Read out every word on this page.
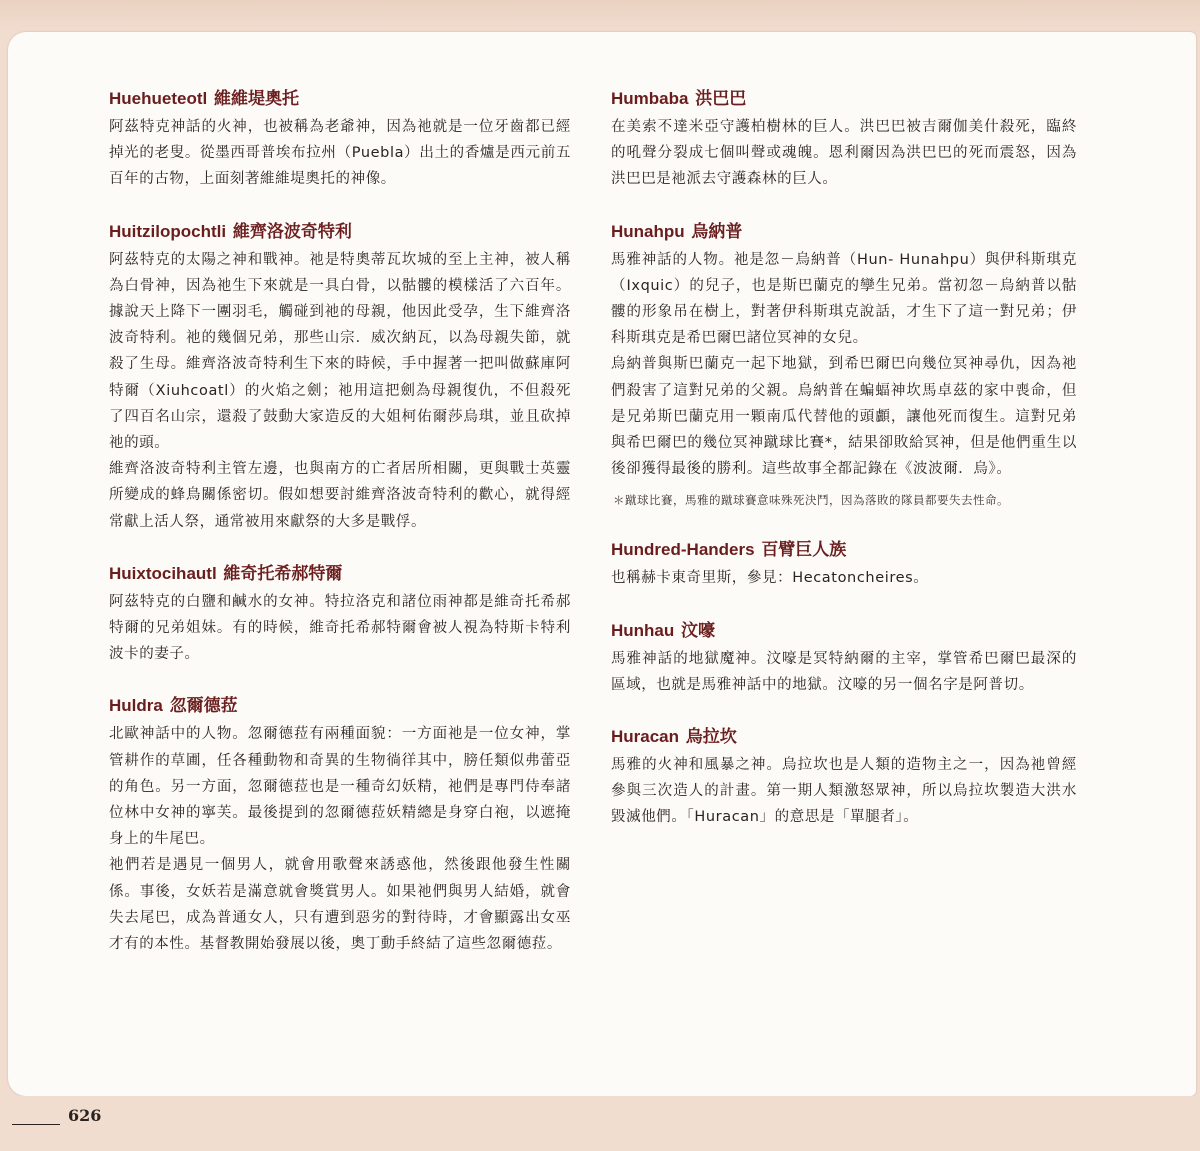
Huehueteotl 維維堤奧托

阿茲特克神話的火神，也被稱為老爺神，因為祂就是一位牙齒都已經掉光的老叟。從墨西哥普埃布拉州（Puebla）出土的香爐是西元前五百年的古物，上面刻著維維堤奧托的神像。

Huitzilopochtli 維齊洛波奇特利

阿茲特克的太陽之神和戰神。祂是特奧蒂瓦坎城的至上主神，被人稱為白骨神，因為祂生下來就是一具白骨，以骷髏的模樣活了六百年。據說天上降下一團羽毛，觸碰到祂的母親，他因此受孕，生下維齊洛波奇特利。祂的幾個兄弟，那些山宗．威次納瓦，以為母親失節，就殺了生母。維齊洛波奇特利生下來的時候，手中握著一把叫做蘇庫阿特爾（Xiuhcoatl）的火焰之劍；祂用這把劍為母親復仇，不但殺死了四百名山宗，還殺了鼓動大家造反的大姐柯佑爾莎烏琪，並且砍掉祂的頭。

維齊洛波奇特利主管左邊，也與南方的亡者居所相關，更與戰士英靈所變成的蜂鳥關係密切。假如想要討維齊洛波奇特利的歡心，就得經常獻上活人祭，通常被用來獻祭的大多是戰俘。

Huixtocihautl 維奇托希郝特爾

阿茲特克的白鹽和鹹水的女神。特拉洛克和諸位雨神都是維奇托希郝特爾的兄弟姐妹。有的時候，維奇托希郝特爾會被人視為特斯卡特利波卡的妻子。

Huldra 忽爾德菈

北歐神話中的人物。忽爾德菈有兩種面貌：一方面祂是一位女神，掌管耕作的草圃，任各種動物和奇異的生物徜徉其中，膀任類似弗蕾亞的角色。另一方面，忽爾德菈也是一種奇幻妖精，祂們是專門侍奉諸位林中女神的寧芙。最後提到的忽爾德菈妖精總是身穿白袍，以遮掩身上的牛尾巴。

祂們若是遇見一個男人，就會用歌聲來誘惑他，然後跟他發生性關係。事後，女妖若是滿意就會獎賞男人。如果祂們與男人結婚，就會失去尾巴，成為普通女人，只有遭到惡劣的對待時，才會顯露出女巫才有的本性。基督教開始發展以後，奧丁動手終結了這些忽爾德菈。

Humbaba 洪巴巴

在美索不達米亞守護柏樹林的巨人。洪巴巴被吉爾伽美什殺死，臨終的吼聲分裂成七個叫聲或魂魄。恩利爾因為洪巴巴的死而震怒，因為洪巴巴是祂派去守護森林的巨人。

Hunahpu 烏納普

馬雅神話的人物。祂是忽－烏納普（Hun- Hunahpu）與伊科斯琪克（Ixquic）的兒子，也是斯巴蘭克的孿生兄弟。當初忽－烏納普以骷髏的形象吊在樹上，對著伊科斯琪克說話，才生下了這一對兄弟；伊科斯琪克是希巴爾巴諸位冥神的女兒。

烏納普與斯巴蘭克一起下地獄，到希巴爾巴向幾位冥神尋仇，因為祂們殺害了這對兄弟的父親。烏納普在蝙蝠神坎馬卓茲的家中喪命，但是兄弟斯巴蘭克用一顆南瓜代替他的頭顱，讓他死而復生。這對兄弟與希巴爾巴的幾位冥神蹴球比賽*，結果卻敗給冥神，但是他們重生以後卻獲得最後的勝利。這些故事全都記錄在《波波爾．烏》。

＊蹴球比賽，馬雅的蹴球賽意味殊死決鬥，因為落敗的隊員都要失去性命。

Hundred-Handers 百臂巨人族

也稱赫卡東奇里斯，參見：Hecatoncheires。

Hunhau 汶嚎

馬雅神話的地獄魔神。汶嚎是冥特納爾的主宰，掌管希巴爾巴最深的區域，也就是馬雅神話中的地獄。汶嚎的另一個名字是阿普切。

Huracan 烏拉坎

馬雅的火神和風暴之神。烏拉坎也是人類的造物主之一，因為祂曾經參與三次造人的計畫。第一期人類激怒眾神，所以烏拉坎製造大洪水毀滅他們。「Huracan」的意思是「單腿者」。

626
